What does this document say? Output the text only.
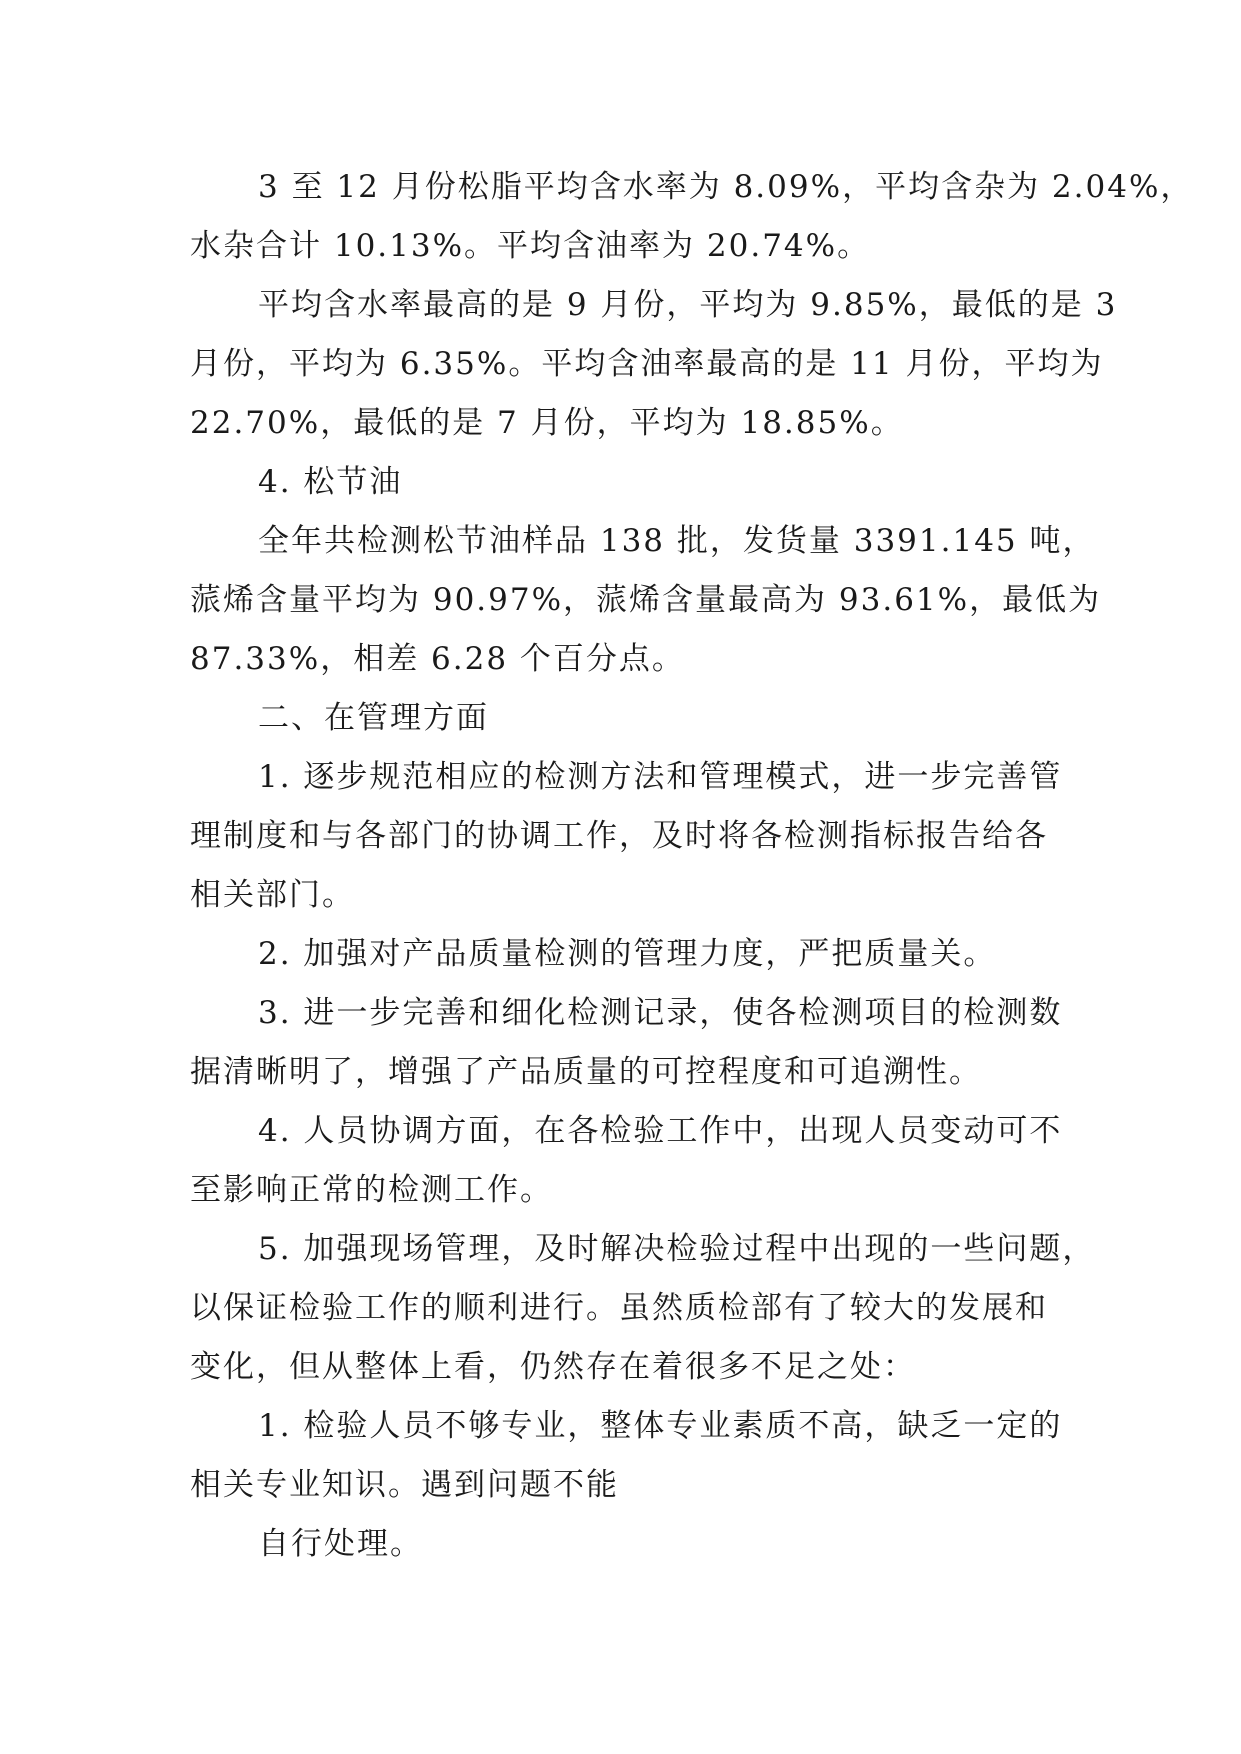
3 至 12 月份松脂平均含水率为 8.09%，平均含杂为 2.04%，
水杂合计 10.13%。平均含油率为 20.74%。
平均含水率最高的是 9 月份，平均为 9.85%，最低的是 3
月份，平均为 6.35%。平均含油率最高的是 11 月份，平均为
22.70%，最低的是 7 月份，平均为 18.85%。
4. 松节油
全年共检测松节油样品 138 批，发货量 3391.145 吨，
蒎烯含量平均为 90.97%，蒎烯含量最高为 93.61%，最低为
87.33%，相差 6.28 个百分点。
二、在管理方面
1. 逐步规范相应的检测方法和管理模式，进一步完善管
理制度和与各部门的协调工作，及时将各检测指标报告给各
相关部门。
2. 加强对产品质量检测的管理力度，严把质量关。
3. 进一步完善和细化检测记录，使各检测项目的检测数
据清晰明了，增强了产品质量的可控程度和可追溯性。
4. 人员协调方面，在各检验工作中，出现人员变动可不
至影响正常的检测工作。
5. 加强现场管理，及时解决检验过程中出现的一些问题，
以保证检验工作的顺利进行。虽然质检部有了较大的发展和
变化，但从整体上看，仍然存在着很多不足之处：
1. 检验人员不够专业，整体专业素质不高，缺乏一定的
相关专业知识。遇到问题不能
自行处理。
